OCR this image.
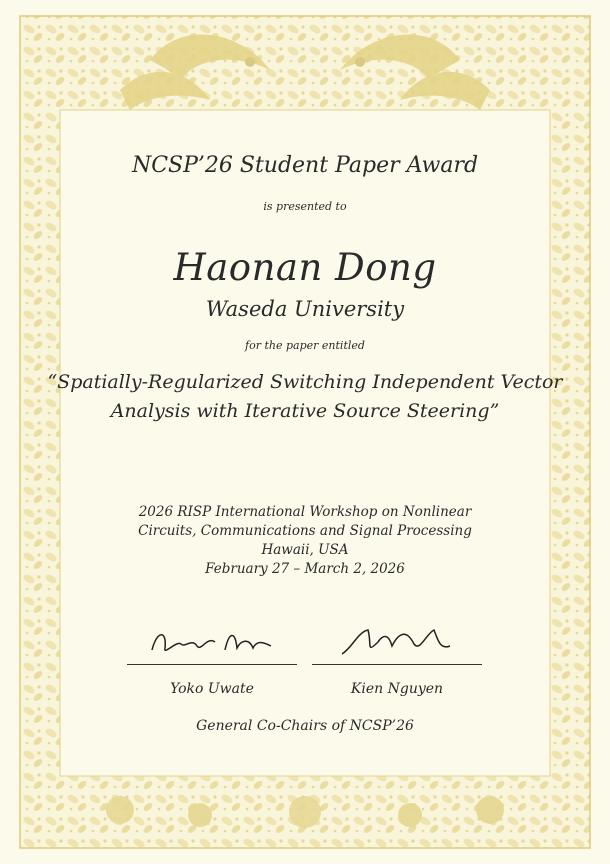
NCSP’26 Student Paper Award
is presented to
Haonan Dong
Waseda University
for the paper entitled
“Spatially-Regularized Switching Independent Vector
Analysis with Iterative Source Steering”
2026 RISP International Workshop on Nonlinear
Circuits, Communications and Signal Processing
Hawaii, USA
February 27 – March 2, 2026
Yoko Uwate	Kien Nguyen
General Co-Chairs of NCSP’26
